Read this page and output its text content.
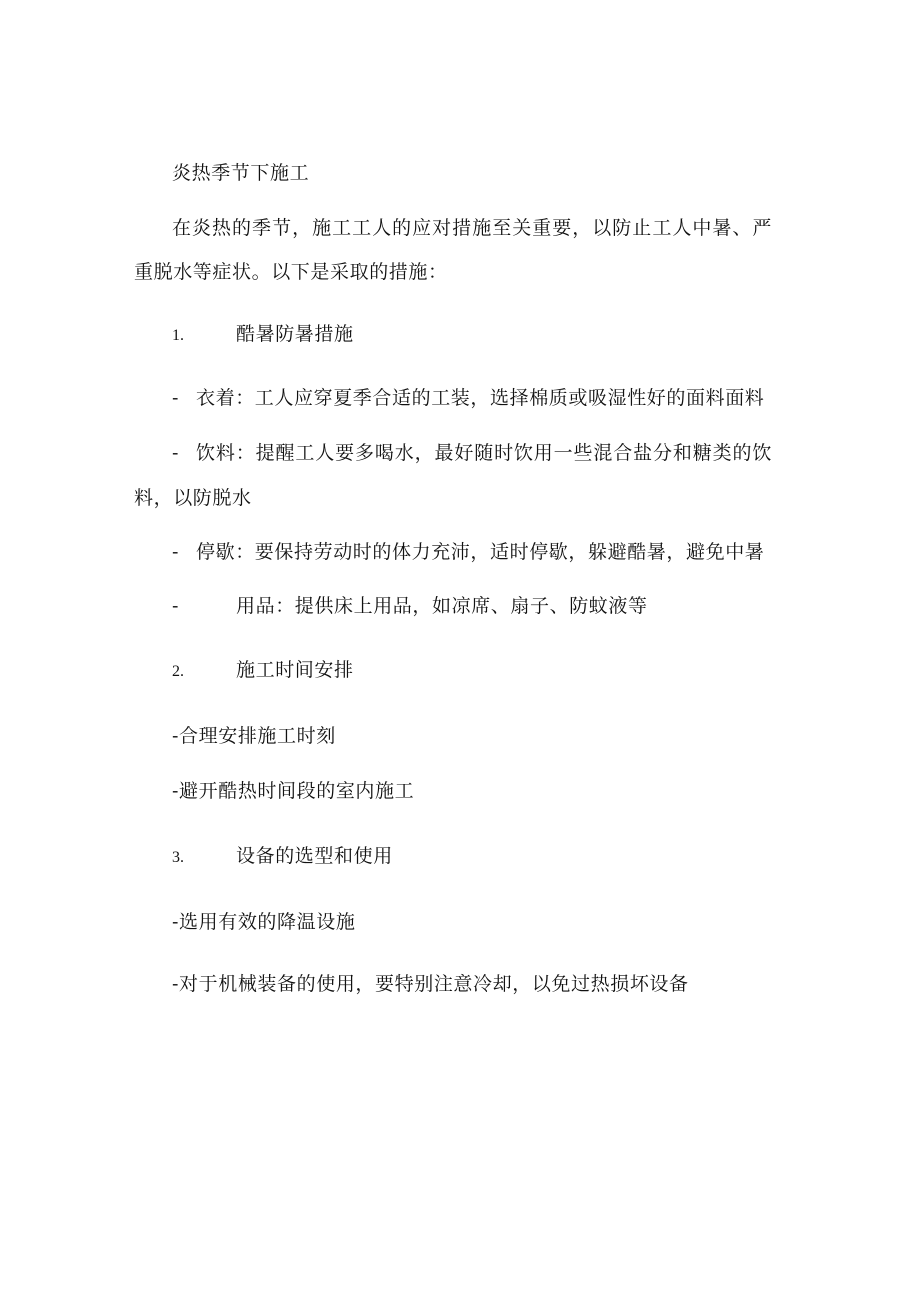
炎热季节下施工
在炎热的季节，施工工人的应对措施至关重要，以防止工人中暑、严
重脱水等症状。以下是采取的措施：
1.	酷暑防暑措施
- 衣着：工人应穿夏季合适的工装，选择棉质或吸湿性好的面料面料
- 饮料：提醒工人要多喝水，最好随时饮用一些混合盐分和糖类的饮
料，以防脱水
- 停歇：要保持劳动时的体力充沛，适时停歇，躲避酷暑，避免中暑
-	用品：提供床上用品，如凉席、扇子、防蚊液等
2.	施工时间安排
-合理安排施工时刻
-避开酷热时间段的室内施工
3.	设备的选型和使用
-选用有效的降温设施
-对于机械装备的使用，要特别注意冷却，以免过热损坏设备
